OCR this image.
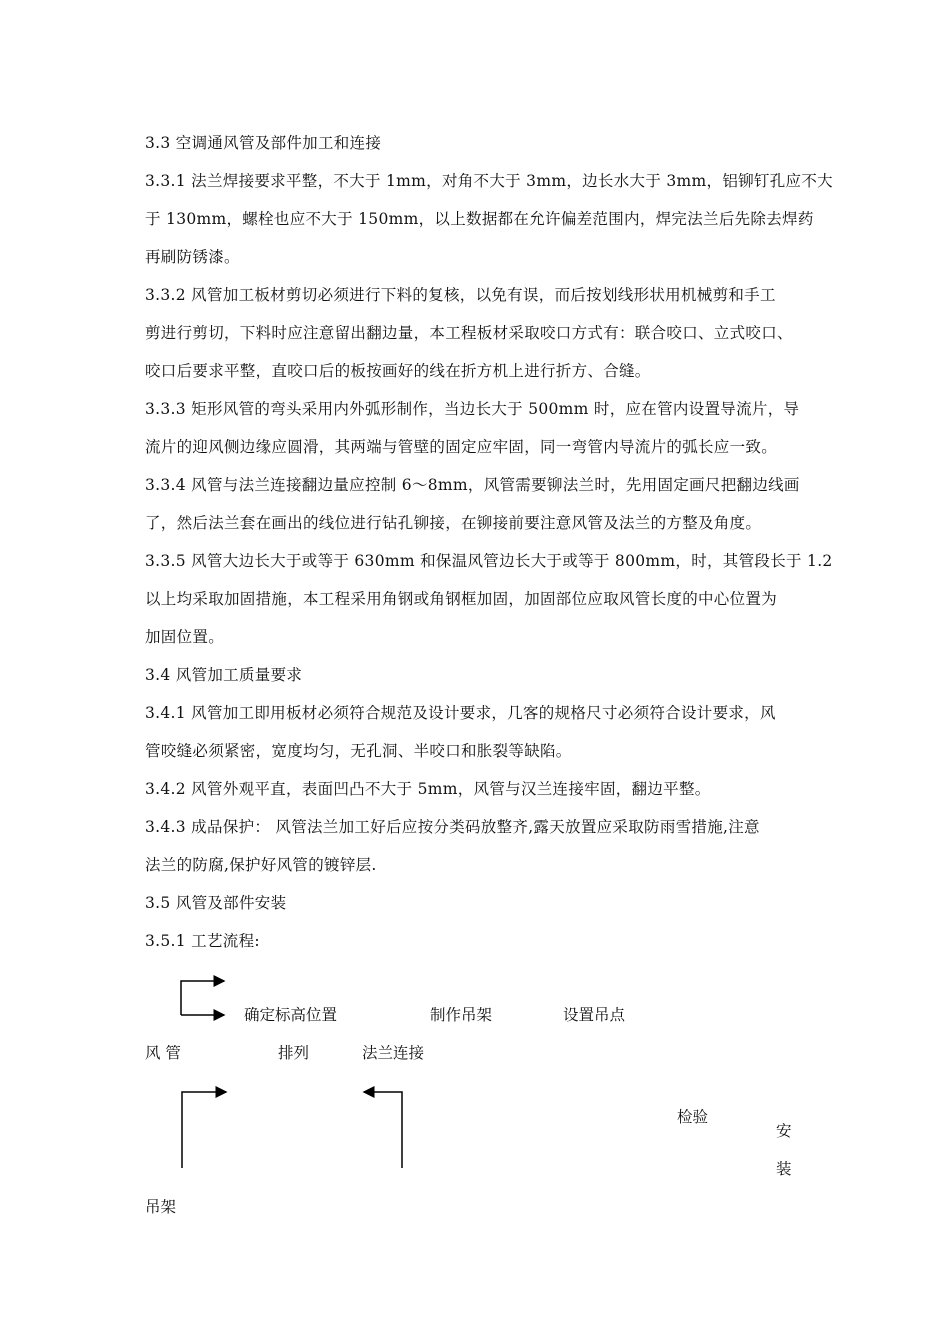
3.3 空调通风管及部件加工和连接
3.3.1 法兰焊接要求平整，不大于 1mm，对角不大于 3mm，边长水大于 3mm，铝铆钉孔应不大
于 130mm，螺栓也应不大于 150mm，以上数据都在允许偏差范围内，焊完法兰后先除去焊药
再刷防锈漆。
3.3.2 风管加工板材剪切必须进行下料的复核，以免有误，而后按划线形状用机械剪和手工
剪进行剪切，下料时应注意留出翻边量，本工程板材采取咬口方式有：联合咬口、立式咬口、
咬口后要求平整，直咬口后的板按画好的线在折方机上进行折方、合缝。
3.3.3 矩形风管的弯头采用内外弧形制作，当边长大于 500mm 时，应在管内设置导流片，导
流片的迎风侧边缘应圆滑，其两端与管壁的固定应牢固，同一弯管内导流片的弧长应一致。
3.3.4 风管与法兰连接翻边量应控制 6～8mm，风管需要铆法兰时，先用固定画尺把翻边线画
了，然后法兰套在画出的线位进行钻孔铆接，在铆接前要注意风管及法兰的方整及角度。
3.3.5 风管大边长大于或等于 630mm 和保温风管边长大于或等于 800mm，时，其管段长于 1.2
以上均采取加固措施，本工程采用角钢或角钢框加固，加固部位应取风管长度的中心位置为
加固位置。
3.4 风管加工质量要求
3.4.1 风管加工即用板材必须符合规范及设计要求，几客的规格尺寸必须符合设计要求，风
管咬缝必须紧密，宽度均匀，无孔洞、半咬口和胀裂等缺陷。
3.4.2 风管外观平直，表面凹凸不大于 5mm，风管与汉兰连接牢固，翻边平整。
3.4.3 成品保护： 风管法兰加工好后应按分类码放整齐,露天放置应采取防雨雪措施,注意
法兰的防腐,保护好风管的镀锌层.
3.5 风管及部件安装
3.5.1 工艺流程:
确定标高位置	制作吊架	设置吊点
风 管	排列	法兰连接
检验
安
装
吊架
